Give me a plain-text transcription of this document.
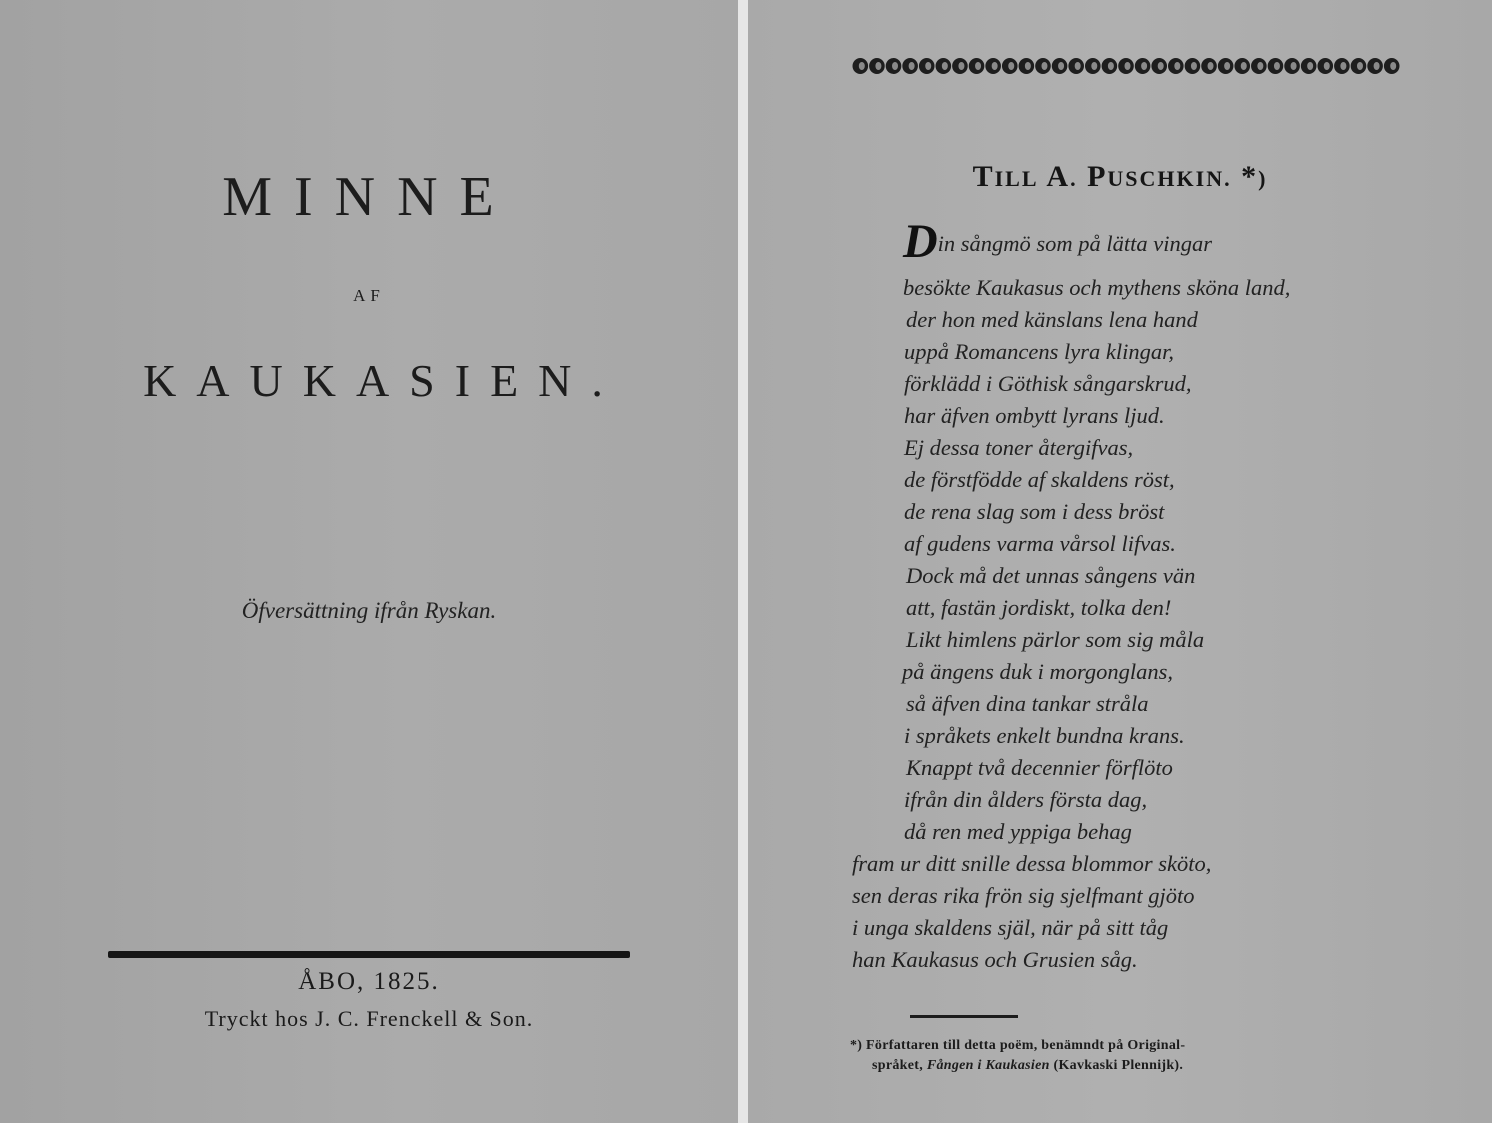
MINNE
AF
KAUKASIEN.
Öfversättning ifrån Ryskan.
ÅBO, 1825.
Tryckt hos J. C. Frenckell & Son.
TILL A. PUSCHKIN. *)
Din sångmö som på lätta vingar
besökte Kaukasus och mythens sköna land,
der hon med känslans lena hand
uppå Romancens lyra klingar,
förklädd i Göthisk sångarskrud,
har äfven ombytt lyrans ljud.
Ej dessa toner återgifvas,
de förstfödde af skaldens röst,
de rena slag som i dess bröst
af gudens varma vårsol lifvas.
Dock må det unnas sångens vän
att, fastän jordiskt, tolka den!
Likt himlens pärlor som sig måla
på ängens duk i morgonglans,
så äfven dina tankar stråla
i språkets enkelt bundna krans.
Knappt två decennier förflöto
ifrån din ålders första dag,
då ren med yppiga behag
fram ur ditt snille dessa blommor sköto,
sen deras rika frön sig sjelfmant gjöto
i unga skaldens själ, när på sitt tåg
han Kaukasus och Grusien såg.
*) Författaren till detta poëm, benämndt på Original-
språket, Fången i Kaukasien (Kavkaski Plennijk).
